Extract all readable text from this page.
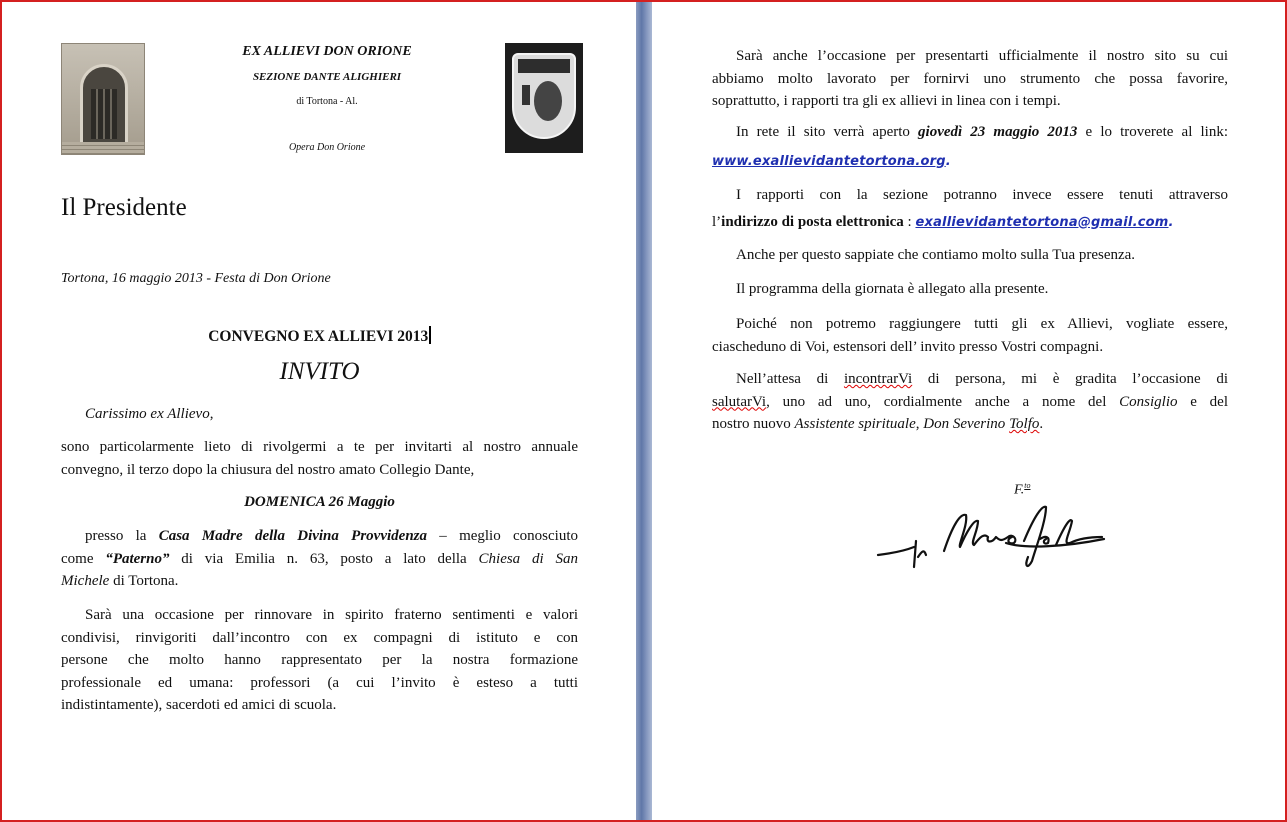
EX ALLIEVI DON ORIONE
SEZIONE DANTE ALIGHIERI
di Tortona - Al.
Opera Don Orione
Il Presidente
Tortona, 16 maggio 2013 - Festa di Don Orione
CONVEGNO EX ALLIEVI 2013
INVITO
Carissimo ex Allievo,
sono particolarmente lieto di rivolgermi a te per invitarti al nostro annuale
convegno, il terzo dopo la chiusura del nostro amato Collegio Dante,
DOMENICA 26 Maggio
presso la Casa Madre della Divina Provvidenza – meglio conosciuto
come “Paterno” di via Emilia n. 63, posto a lato della Chiesa di San
Michele di Tortona.
Sarà una occasione per rinnovare in spirito fraterno sentimenti e valori
condivisi, rinvigoriti dall’incontro con ex compagni di istituto e con
persone che molto hanno rappresentato per la nostra formazione
professionale ed umana: professori (a cui l’invito è esteso a tutti
indistintamente), sacerdoti ed amici di scuola.
Sarà anche l’occasione per presentarti ufficialmente il nostro sito su cui
abbiamo molto lavorato per fornirvi uno strumento che possa favorire,
soprattutto, i rapporti tra gli ex allievi in linea con i tempi.
In rete il sito verrà aperto giovedì 23 maggio 2013 e lo troverete al link:
www.exallievidantetortona.org.
I rapporti con la sezione potranno invece essere tenuti attraverso
l’indirizzo di posta elettronica : exallievidantetortona@gmail.com.
Anche per questo sappiate che contiamo molto sulla Tua presenza.
Il programma della giornata è allegato alla presente.
Poiché non potremo raggiungere tutti gli ex Allievi, vogliate essere,
ciascheduno di Voi, estensori dell’ invito presso Vostri compagni.
Nell’attesa di incontrarVi di persona, mi è gradita l’occasione di
salutarVi, uno ad uno, cordialmente anche a nome del Consiglio e del
nostro nuovo Assistente spirituale, Don Severino Tolfo.
F.$^{to}$
